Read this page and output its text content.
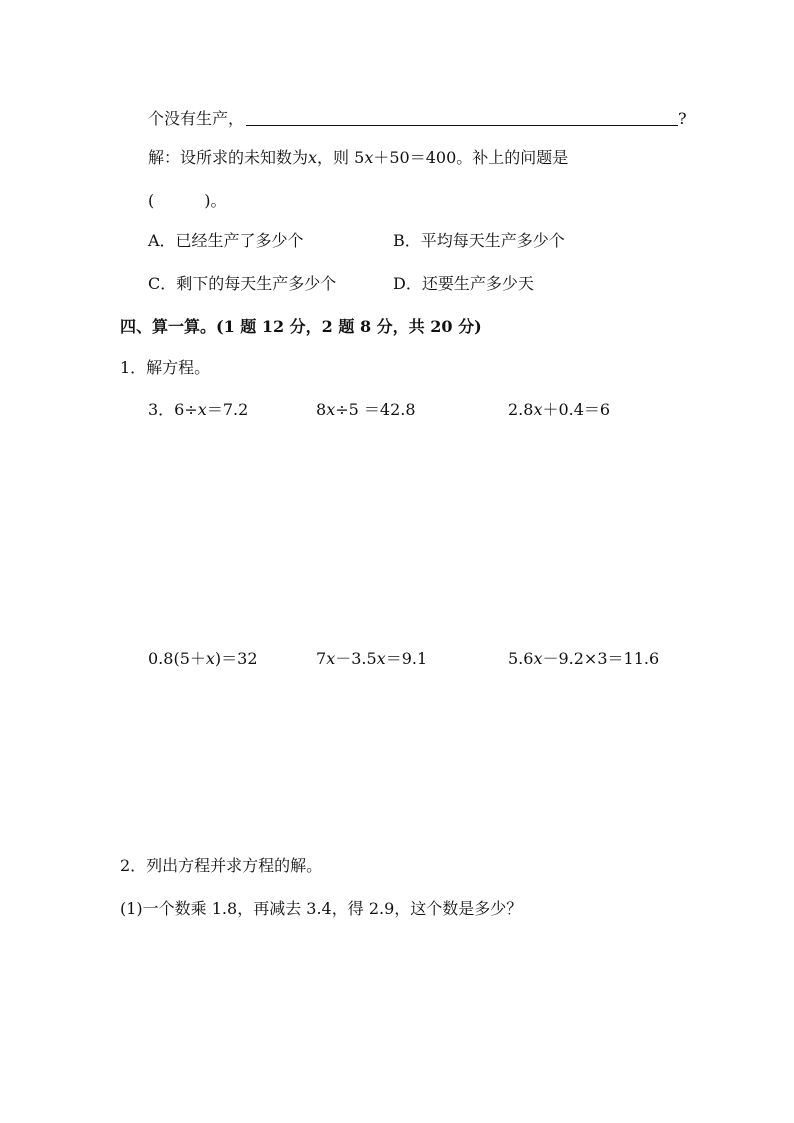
个没有生产，	?
解：设所求的未知数为x，则 5x＋50＝400。补上的问题是
(	)。
A．已经生产了多少个	B．平均每天生产多少个
C．剩下的每天生产多少个	D．还要生产多少天
四、算一算。(1 题 12 分，2 题 8 分，共 20 分)
1．解方程。
3．6÷x＝7.2	8x÷5 ＝42.8	2.8x＋0.4＝6
0.8(5＋x)＝32	7x－3.5x＝9.1	5.6x－9.2×3＝11.6
2．列出方程并求方程的解。
(1)一个数乘 1.8，再减去 3.4，得 2.9，这个数是多少？
